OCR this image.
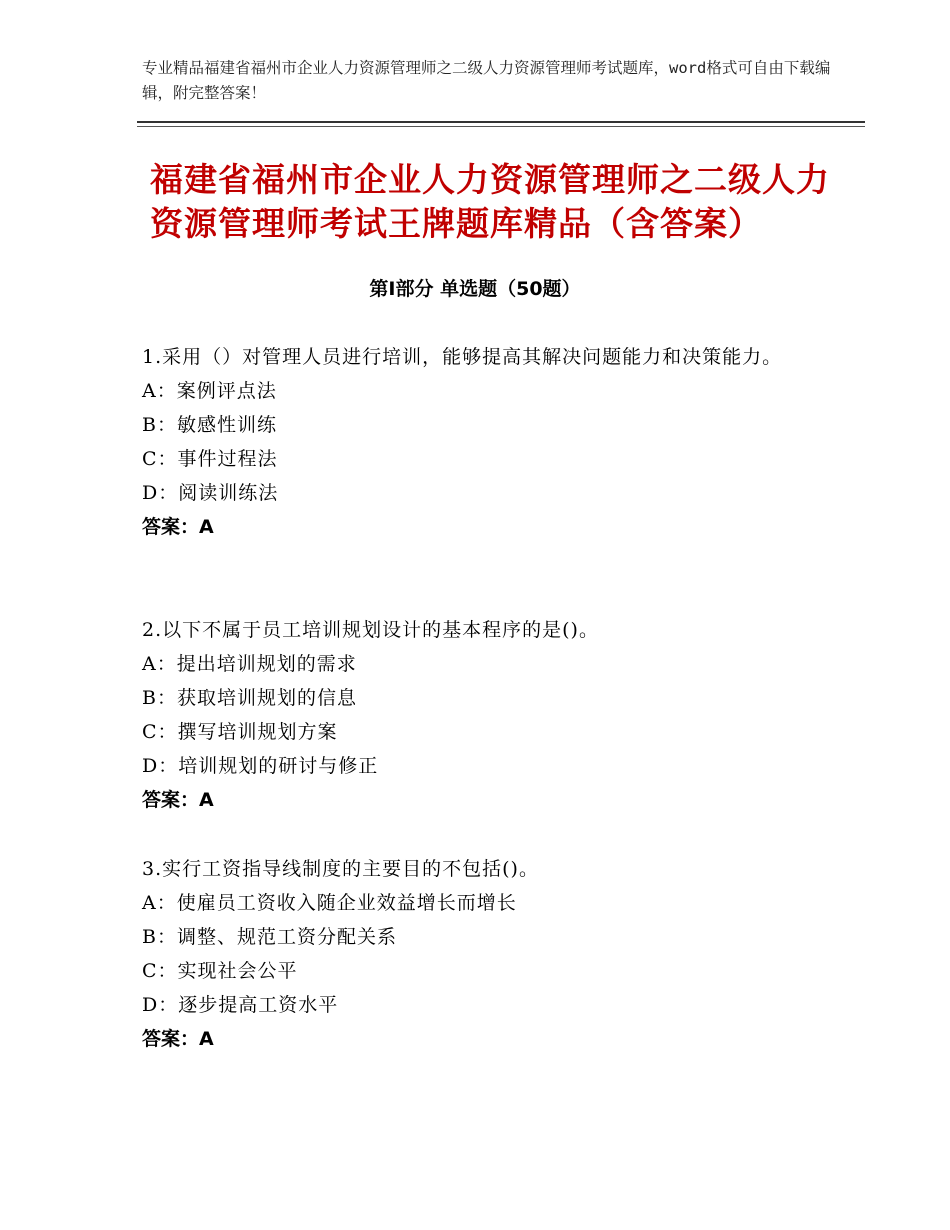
专业精品福建省福州市企业人力资源管理师之二级人力资源管理师考试题库，word格式可自由下载编辑，附完整答案！
福建省福州市企业人力资源管理师之二级人力资源管理师考试王牌题库精品（含答案）
第Ⅰ部分 单选题（50题）

1.采用（）对管理人员进行培训，能够提高其解决问题能力和决策能力。

A：案例评点法

B：敏感性训练

C：事件过程法

D：阅读训练法

答案：A

2.以下不属于员工培训规划设计的基本程序的是()。

A：提出培训规划的需求

B：获取培训规划的信息

C：撰写培训规划方案

D：培训规划的研讨与修正

答案：A

3.实行工资指导线制度的主要目的不包括()。

A：使雇员工资收入随企业效益增长而增长

B：调整、规范工资分配关系

C：实现社会公平

D：逐步提高工资水平

答案：A
